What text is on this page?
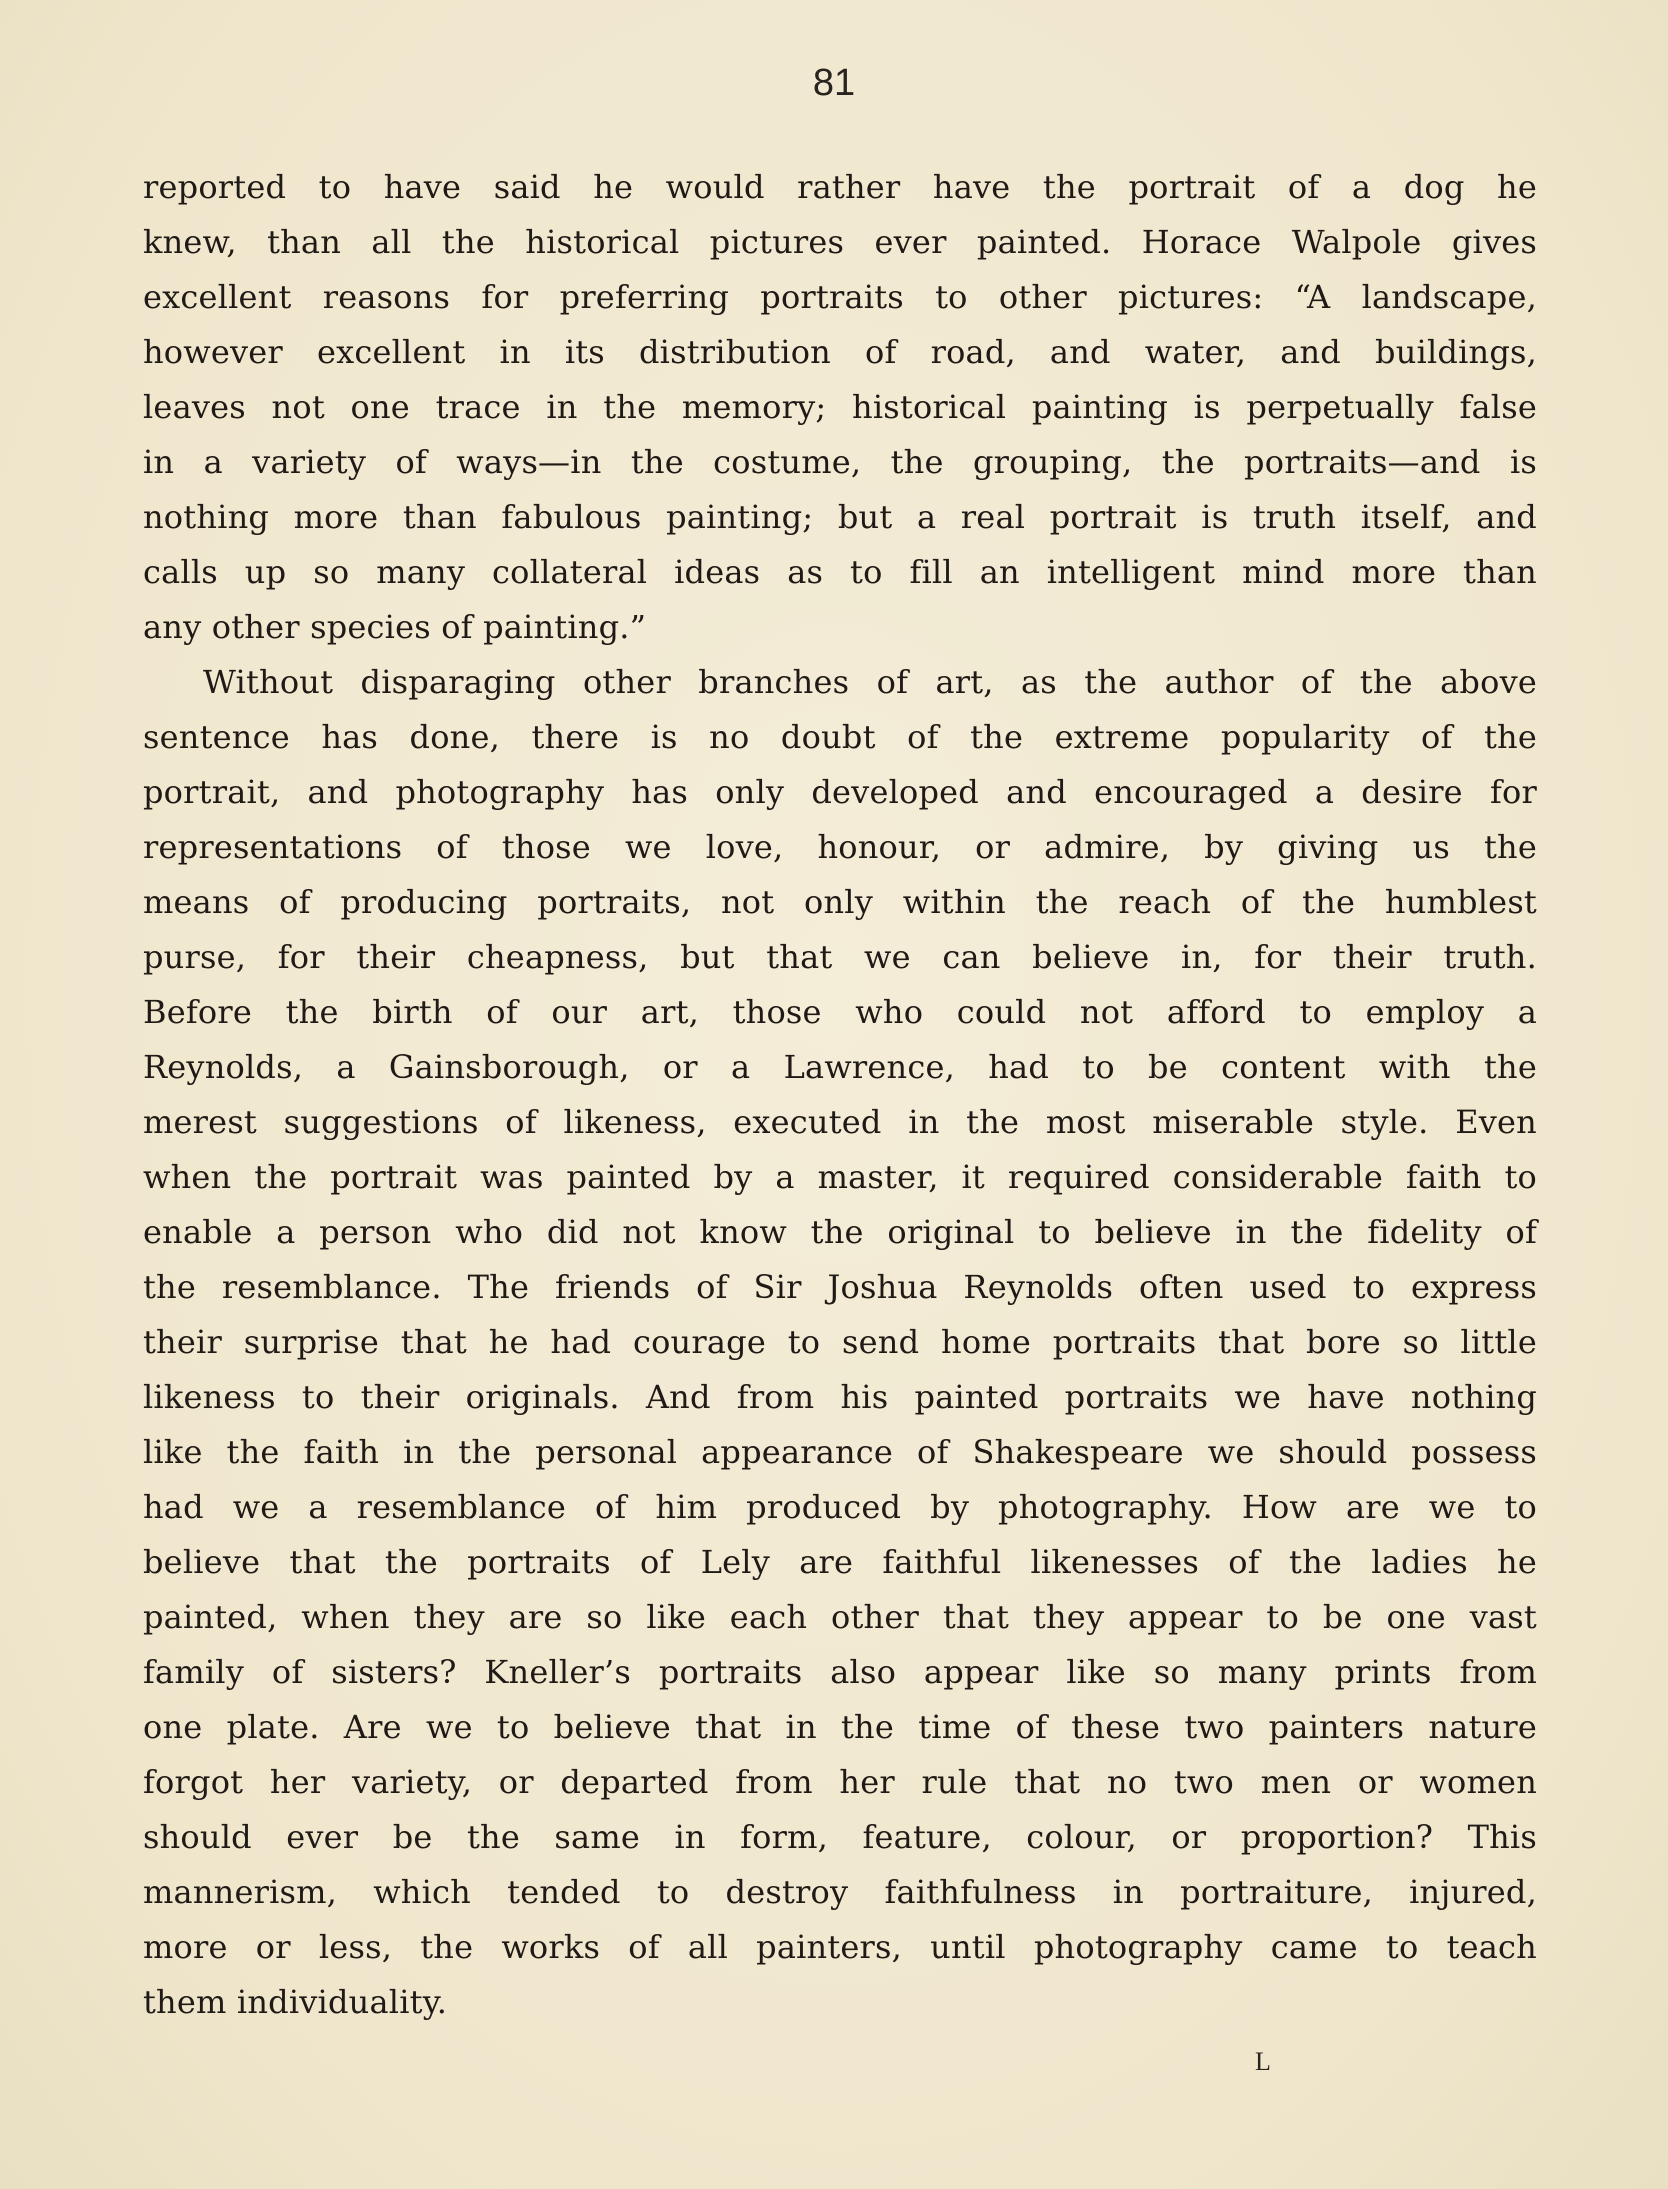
81
reported to have said he would rather have the portrait of a dog he
knew, than all the historical pictures ever painted. Horace Walpole gives
excellent reasons for preferring portraits to other pictures: “A landscape,
however excellent in its distribution of road, and water, and buildings,
leaves not one trace in the memory; historical painting is perpetually false
in a variety of ways—in the costume, the grouping, the portraits—and is
nothing more than fabulous painting; but a real portrait is truth itself, and
calls up so many collateral ideas as to fill an intelligent mind more than
any other species of painting.”
Without disparaging other branches of art, as the author of the above
sentence has done, there is no doubt of the extreme popularity of the
portrait, and photography has only developed and encouraged a desire for
representations of those we love, honour, or admire, by giving us the
means of producing portraits, not only within the reach of the humblest
purse, for their cheapness, but that we can believe in, for their truth.
Before the birth of our art, those who could not afford to employ a
Reynolds, a Gainsborough, or a Lawrence, had to be content with the
merest suggestions of likeness, executed in the most miserable style. Even
when the portrait was painted by a master, it required considerable faith to
enable a person who did not know the original to believe in the fidelity of
the resemblance. The friends of Sir Joshua Reynolds often used to express
their surprise that he had courage to send home portraits that bore so little
likeness to their originals. And from his painted portraits we have nothing
like the faith in the personal appearance of Shakespeare we should possess
had we a resemblance of him produced by photography. How are we to
believe that the portraits of Lely are faithful likenesses of the ladies he
painted, when they are so like each other that they appear to be one vast
family of sisters? Kneller’s portraits also appear like so many prints from
one plate. Are we to believe that in the time of these two painters nature
forgot her variety, or departed from her rule that no two men or women
should ever be the same in form, feature, colour, or proportion? This
mannerism, which tended to destroy faithfulness in portraiture, injured,
more or less, the works of all painters, until photography came to teach
them individuality.
L
